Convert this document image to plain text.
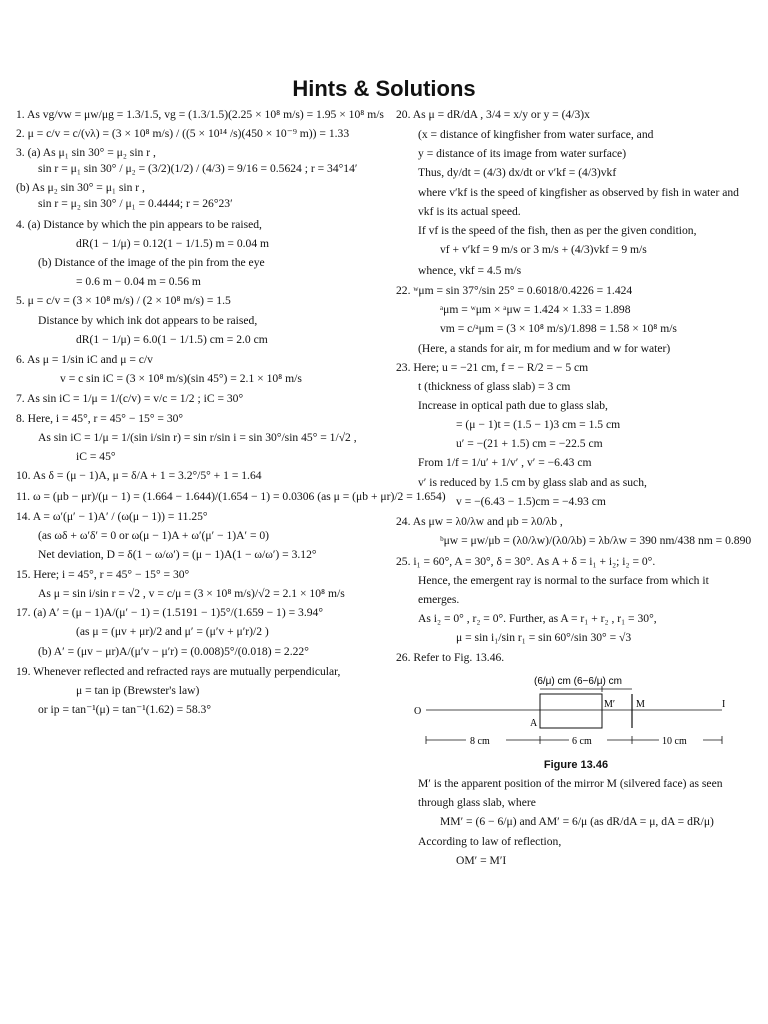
Hints & Solutions
1. As vg/vw = μw/μg = 1.3/1.5, vg = (1.3/1.5)(2.25 × 10⁸ m/s) = 1.95 × 10⁸ m/s
2. μ = c/v = c/(νλ) = (3 × 10⁸ m/s) / ((5 × 10¹⁴ /s)(450 × 10⁻⁹ m)) = 1.33
3. (a) As μ₁ sin 30° = μ₂ sin r ,
sin r = μ₁ sin 30° / μ₂ = (3/2)(1/2) / (4/3) = 9/16 = 0.5624 ; r = 34°14′
(b) As μ₂ sin 30° = μ₁ sin r ,
sin r = μ₂ sin 30° / μ₁ = 0.4444; r = 26°23′
4. (a) Distance by which the pin appears to be raised,
dR(1 − 1/μ) = 0.12(1 − 1/1.5) m = 0.04 m
(b) Distance of the image of the pin from the eye
= 0.6 m − 0.04 m = 0.56 m
5. μ = c/v = (3 × 10⁸ m/s) / (2 × 10⁸ m/s) = 1.5
Distance by which ink dot appears to be raised,
dR(1 − 1/μ) = 6.0(1 − 1/1.5) cm = 2.0 cm
6. As μ = 1/sin iC and μ = c/v
v = c sin iC = (3 × 10⁸ m/s)(sin 45°) = 2.1 × 10⁸ m/s
7. As sin iC = 1/μ = 1/(c/v) = v/c = 1/2 ; iC = 30°
8. Here, i = 45°, r = 45° − 15° = 30°
As sin iC = 1/μ = 1/(sin i/sin r) = sin r/sin i = sin 30°/sin 45° = 1/√2 ,
iC = 45°
10. As δ = (μ − 1)A, μ = δ/A + 1 = 3.2°/5° + 1 = 1.64
11. ω = (μb − μr)/(μ − 1) = (1.664 − 1.644)/(1.654 − 1) = 0.0306 (as μ = (μb + μr)/2 = 1.654)
14. A = ω′(μ′ − 1)A′ / (ω(μ − 1)) = 11.25°
(as ωδ + ω′δ′ = 0 or ω(μ − 1)A + ω′(μ′ − 1)A′ = 0)
Net deviation, D = δ(1 − ω/ω′) = (μ − 1)A(1 − ω/ω′) = 3.12°
15. Here; i = 45°, r = 45° − 15° = 30°
As μ = sin i/sin r = √2 , v = c/μ = (3 × 10⁸ m/s)/√2 = 2.1 × 10⁸ m/s
17. (a) A′ = (μ − 1)A/(μ′ − 1) = (1.5191 − 1)5°/(1.659 − 1) = 3.94°
(as μ = (μv + μr)/2 and μ′ = (μ′v + μ′r)/2 )
(b) A′ = (μv − μr)A/(μ′v − μ′r) = (0.008)5°/(0.018) = 2.22°
19. Whenever reflected and refracted rays are mutually perpendicular,
μ = tan ip (Brewster's law)
or ip = tan⁻¹(μ) = tan⁻¹(1.62) = 58.3°
20. As μ = dR/dA , 3/4 = x/y or y = (4/3)x
(x = distance of kingfisher from water surface, and
y = distance of its image from water surface)
Thus, dy/dt = (4/3) dx/dt or v′kf = (4/3)vkf
where v′kf is the speed of kingfisher as observed by fish in water and
vkf is its actual speed.
If vf is the speed of the fish, then as per the given condition,
vf + v′kf = 9 m/s or 3 m/s + (4/3)vkf = 9 m/s
whence, vkf = 4.5 m/s
22. ʷμm = sin 37°/sin 25° = 0.6018/0.4226 = 1.424
ᵃμm = ʷμm × ᵃμw = 1.424 × 1.33 = 1.898
vm = c/ᵃμm = (3 × 10⁸ m/s)/1.898 = 1.58 × 10⁸ m/s
(Here, a stands for air, m for medium and w for water)
23. Here; u = −21 cm, f = − R/2 = − 5 cm
t (thickness of glass slab) = 3 cm
Increase in optical path due to glass slab,
= (μ − 1)t = (1.5 − 1)3 cm = 1.5 cm
u′ = −(21 + 1.5) cm = −22.5 cm
From 1/f = 1/u′ + 1/v′ , v′ = −6.43 cm
v′ is reduced by 1.5 cm by glass slab and as such,
v = −(6.43 − 1.5)cm = −4.93 cm
24. As μw = λ0/λw and μb = λ0/λb ,
ᵇμw = μw/μb = (λ0/λw)/(λ0/λb) = λb/λw = 390 nm/438 nm = 0.890
25. i₁ = 60°, A = 30°, δ = 30°. As A + δ = i₁ + i₂; i₂ = 0°.
Hence, the emergent ray is normal to the surface from which it
emerges.
As i₂ = 0° , r₂ = 0°. Further, as A = r₁ + r₂ , r₁ = 30°,
μ = sin i₁/sin r₁ = sin 60°/sin 30° = √3
26. Refer to Fig. 13.46.
(6/μ) cm (6−6/μ) cm
O
A
M′ M	I
8 cm	6 cm	10 cm
Figure 13.46
M′ is the apparent position of the mirror M (silvered face) as seen
through glass slab, where
MM′ = (6 − 6/μ) and AM′ = 6/μ (as dR/dA = μ, dA = dR/μ)
According to law of reflection,
OM′ = M′I
